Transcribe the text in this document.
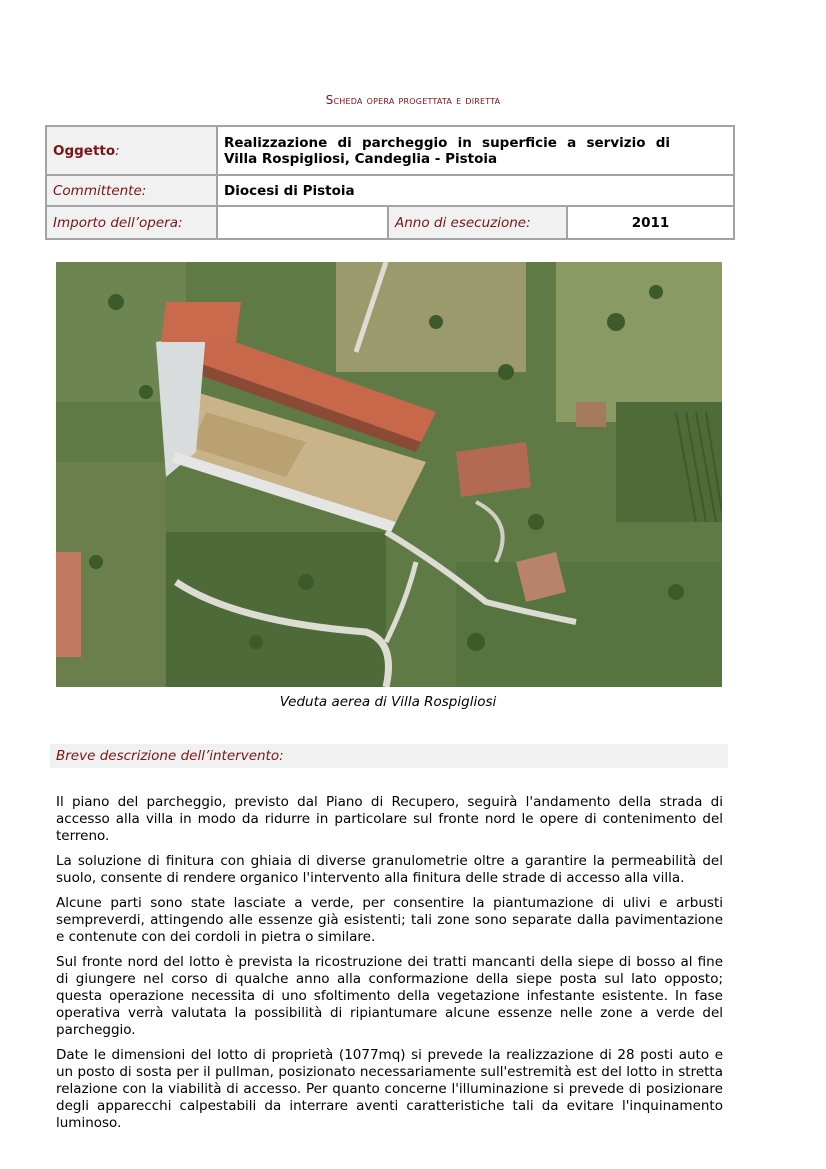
Scheda opera progettata e diretta
Oggetto:	Realizzazione di parcheggio in superficie a servizio di
Villa Rospigliosi, Candeglia - Pistoia		

Committente:	Diocesi di Pistoia		
Importo dell’opera:		Anno di esecuzione:	2011
Veduta aerea di Villa Rospigliosi
Breve descrizione dell’intervento:

Il piano del parcheggio, previsto dal Piano di Recupero, seguirà l'andamento della strada di accesso alla villa in modo da ridurre in particolare sul fronte nord le opere di contenimento del terreno.

La soluzione di finitura con ghiaia di diverse granulometrie oltre a garantire la permeabilità del suolo, consente di rendere organico l'intervento alla finitura delle strade di accesso alla villa.

Alcune parti sono state lasciate a verde, per consentire la piantumazione di ulivi e arbusti sempreverdi, attingendo alle essenze già esistenti; tali zone sono separate dalla pavimentazione e contenute con dei cordoli in pietra o similare.

Sul fronte nord del lotto è prevista la ricostruzione dei tratti mancanti della siepe di bosso al fine di giungere nel corso di qualche anno alla conformazione della siepe posta sul lato opposto; questa operazione necessita di uno sfoltimento della vegetazione infestante esistente. In fase operativa verrà valutata la possibilità di ripiantumare alcune essenze nelle zone a verde del parcheggio.

Date le dimensioni del lotto di proprietà (1077mq) si prevede la realizzazione di 28 posti auto e un posto di sosta per il pullman, posizionato necessariamente sull'estremità est del lotto in stretta relazione con la viabilità di accesso. Per quanto concerne l'illuminazione si prevede di posizionare degli apparecchi calpestabili da interrare aventi caratteristiche tali da evitare l'inquinamento luminoso.
